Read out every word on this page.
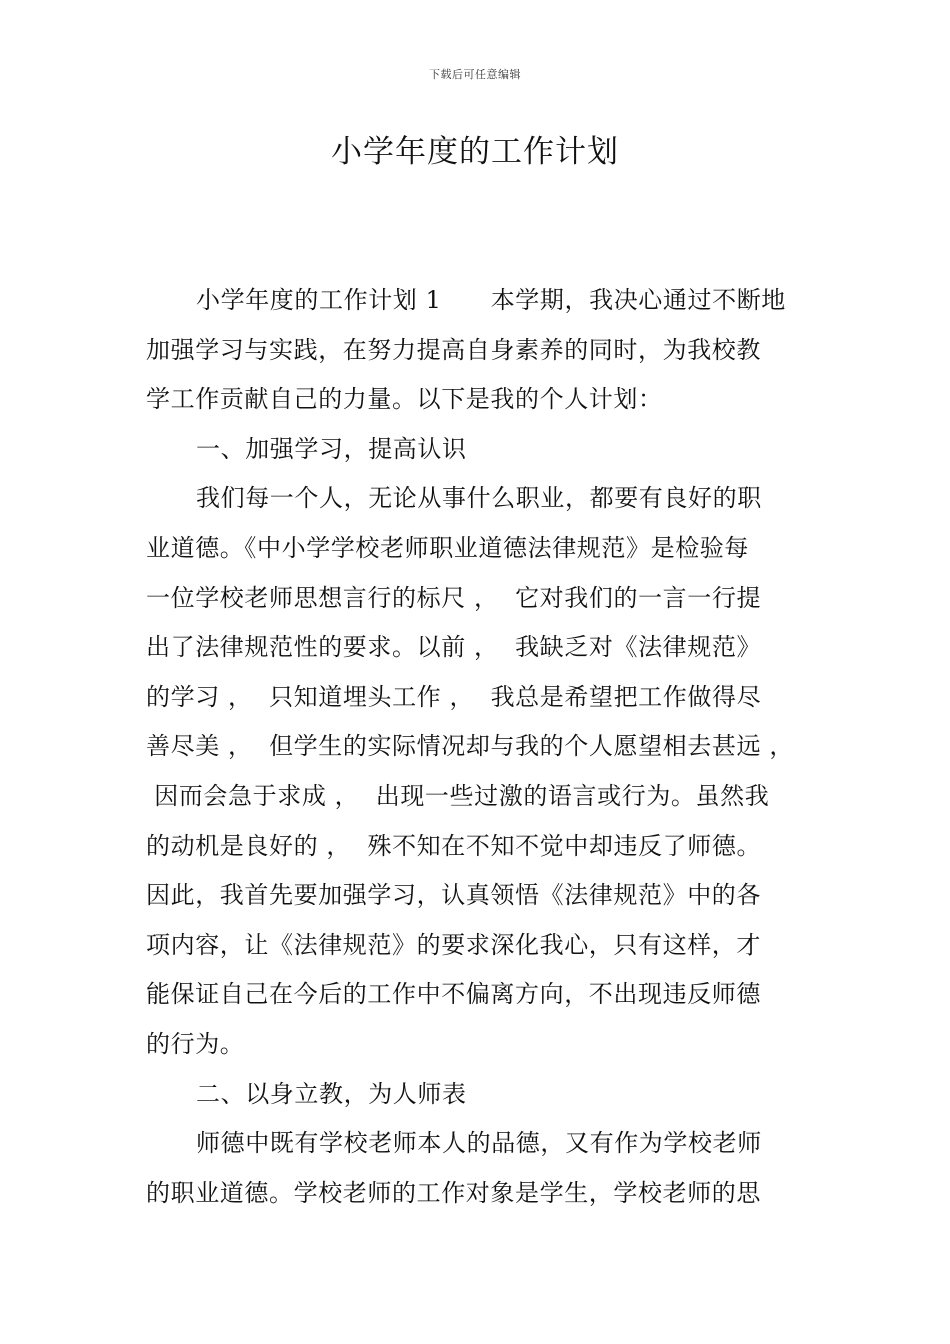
下载后可任意编辑
小学年度的工作计划
小学年度的工作计划 1　　本学期，我决心通过不断地
加强学习与实践，在努力提高自身素养的同时，为我校教
学工作贡献自己的力量。以下是我的个人计划：
一、加强学习，提高认识
我们每一个人，无论从事什么职业，都要有良好的职
业道德。《中小学学校老师职业道德法律规范》是检验每
一位学校老师思想言行的标尺 ，  它对我们的一言一行提
出了法律规范性的要求。以前 ，  我缺乏对《法律规范》
的学习 ，  只知道埋头工作 ，  我总是希望把工作做得尽
善尽美 ，  但学生的实际情况却与我的个人愿望相去甚远 ，
因而会急于求成 ，  出现一些过激的语言或行为。虽然我
的动机是良好的 ，  殊不知在不知不觉中却违反了师德。
因此，我首先要加强学习，认真领悟《法律规范》中的各
项内容，让《法律规范》的要求深化我心，只有这样，才
能保证自己在今后的工作中不偏离方向，不出现违反师德
的行为。
二、以身立教，为人师表
师德中既有学校老师本人的品德，又有作为学校老师
的职业道德。学校老师的工作对象是学生，学校老师的思
